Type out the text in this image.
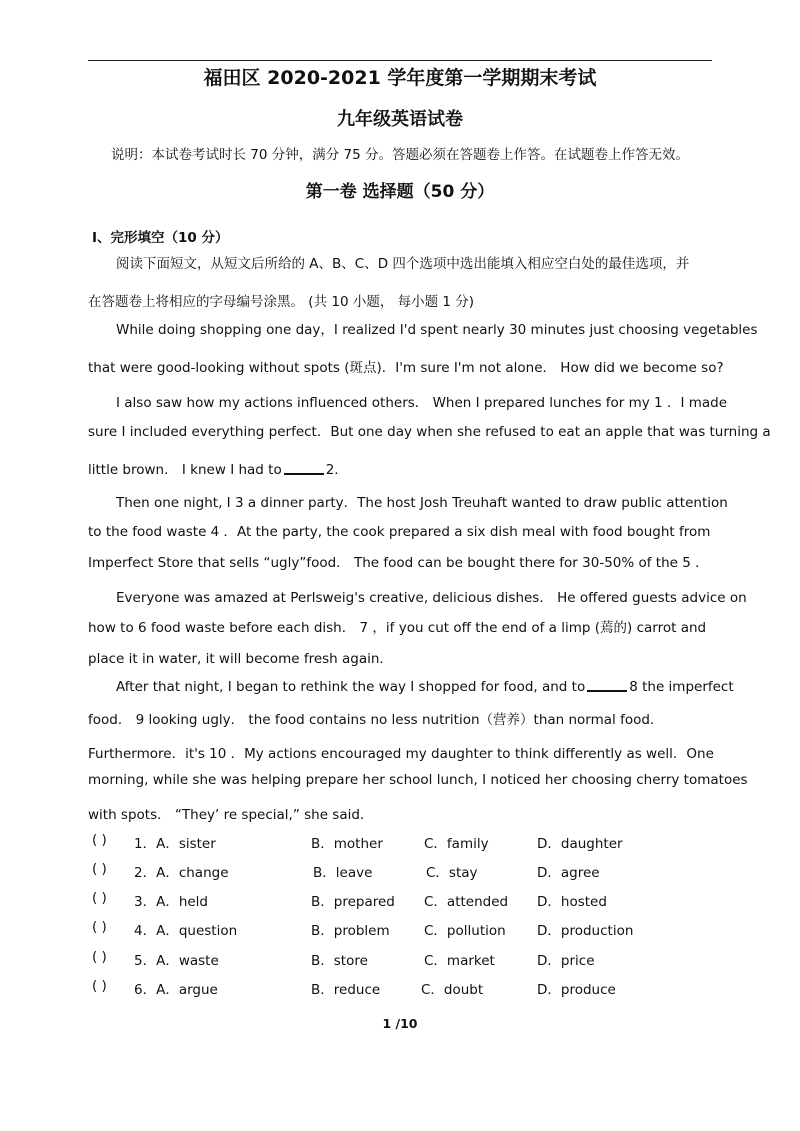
福田区 2020-2021 学年度第一学期期末考试
九年级英语试卷
说明：本试卷考试时长 70 分钟，满分 75 分。答题必须在答题卷上作答。在试题卷上作答无效。
第一卷 选择题（50 分）
Ⅰ、完形填空（10 分）
阅读下面短文，从短文后所给的 A、B、C、D 四个选项中选出能填入相应空白处的最佳选项，并
在答题卷上将相应的字母编号涂黑。 (共 10 小题， 每小题 1 分)
While doing shopping one day，I realized I'd spent nearly 30 minutes just choosing vegetables
that were good-looking without spots (斑点)．I'm sure I'm not alone． How did we become so?
I also saw how my actions influenced others． When I prepared lunches for my 1 ．I made
sure I included everything perfect．But one day when she refused to eat an apple that was turning a
little brown． I knew I had to	2.
Then one night, I 3 a dinner party．The host Josh Treuhaft wanted to draw public attention
to the food waste 4 ．At the party, the cook prepared a six dish meal with food bought from
Imperfect Store that sells “ugly”food． The food can be bought there for 30-50% of the 5 ．
Everyone was amazed at Perlsweig's creative, delicious dishes． He offered guests advice on
how to 6 food waste before each dish． 7 ，if you cut off the end of a limp (蔫的) carrot and
place it in water, it will become fresh again．
After that night, I began to rethink the way I shopped for food, and to	8 the imperfect
food． 9 looking ugly． the food contains no less nutrition（营养）than normal food.
Furthermore．it's 10 ．My actions encouraged my daughter to think differently as well．One
morning, while she was helping prepare her school lunch, I noticed her choosing cherry tomatoes
with spots． “They’ re special,” she said．
( ) 1．A．sister	B．mother	C．family	D．daughter
( ) 2．A．change	B．leave	C．stay	D．agree
( ) 3．A．held	B．prepared C．attended D．hosted
( ) 4．A．question	B．problem	C．pollution D．production
( ) 5．A．waste	B．store	C．market	D．price
( ) 6．A．argue	B．reduce	C．doubt	D．produce
1 /10
